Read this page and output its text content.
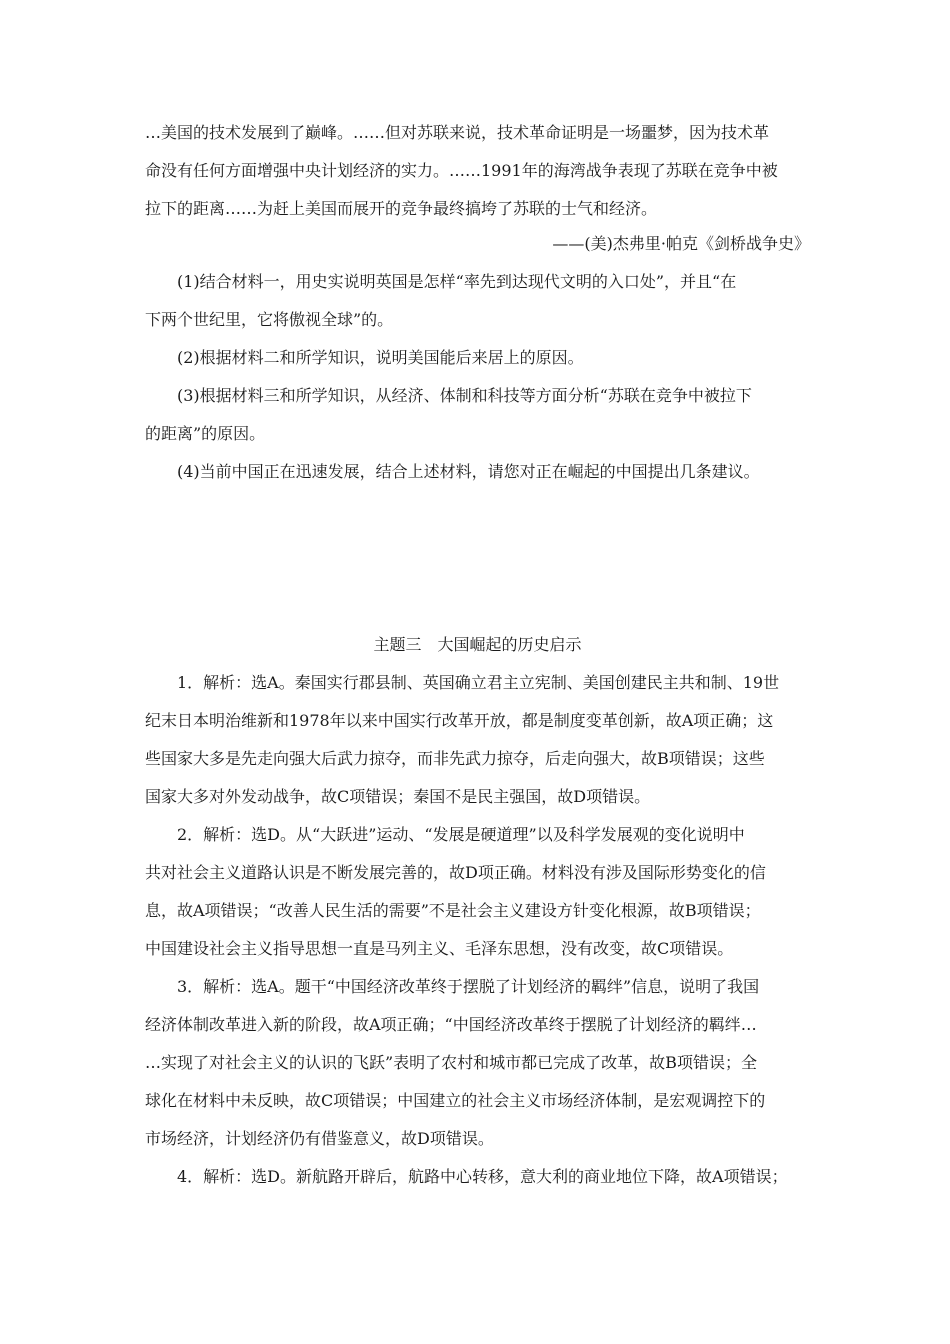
…美国的技术发展到了巅峰。……但对苏联来说，技术革命证明是一场噩梦，因为技术革
命没有任何方面增强中央计划经济的实力。……1991年的海湾战争表现了苏联在竞争中被
拉下的距离……为赶上美国而展开的竞争最终搞垮了苏联的士气和经济。
——(美)杰弗里·帕克《剑桥战争史》
(1)结合材料一，用史实说明英国是怎样“率先到达现代文明的入口处”，并且“在
下两个世纪里，它将傲视全球”的。
(2)根据材料二和所学知识，说明美国能后来居上的原因。
(3)根据材料三和所学知识，从经济、体制和科技等方面分析“苏联在竞争中被拉下
的距离”的原因。
(4)当前中国正在迅速发展，结合上述材料，请您对正在崛起的中国提出几条建议。
主题三　大国崛起的历史启示
1．解析：选A。秦国实行郡县制、英国确立君主立宪制、美国创建民主共和制、19世
纪末日本明治维新和1978年以来中国实行改革开放，都是制度变革创新，故A项正确；这
些国家大多是先走向强大后武力掠夺，而非先武力掠夺，后走向强大，故B项错误；这些
国家大多对外发动战争，故C项错误；秦国不是民主强国，故D项错误。
2．解析：选D。从“大跃进”运动、“发展是硬道理”以及科学发展观的变化说明中
共对社会主义道路认识是不断发展完善的，故D项正确。材料没有涉及国际形势变化的信
息，故A项错误；“改善人民生活的需要”不是社会主义建设方针变化根源，故B项错误；
中国建设社会主义指导思想一直是马列主义、毛泽东思想，没有改变，故C项错误。
3．解析：选A。题干“中国经济改革终于摆脱了计划经济的羁绊”信息，说明了我国
经济体制改革进入新的阶段，故A项正确；“中国经济改革终于摆脱了计划经济的羁绊…
…实现了对社会主义的认识的飞跃”表明了农村和城市都已完成了改革，故B项错误；全
球化在材料中未反映，故C项错误；中国建立的社会主义市场经济体制，是宏观调控下的
市场经济，计划经济仍有借鉴意义，故D项错误。
4．解析：选D。新航路开辟后，航路中心转移，意大利的商业地位下降，故A项错误；
